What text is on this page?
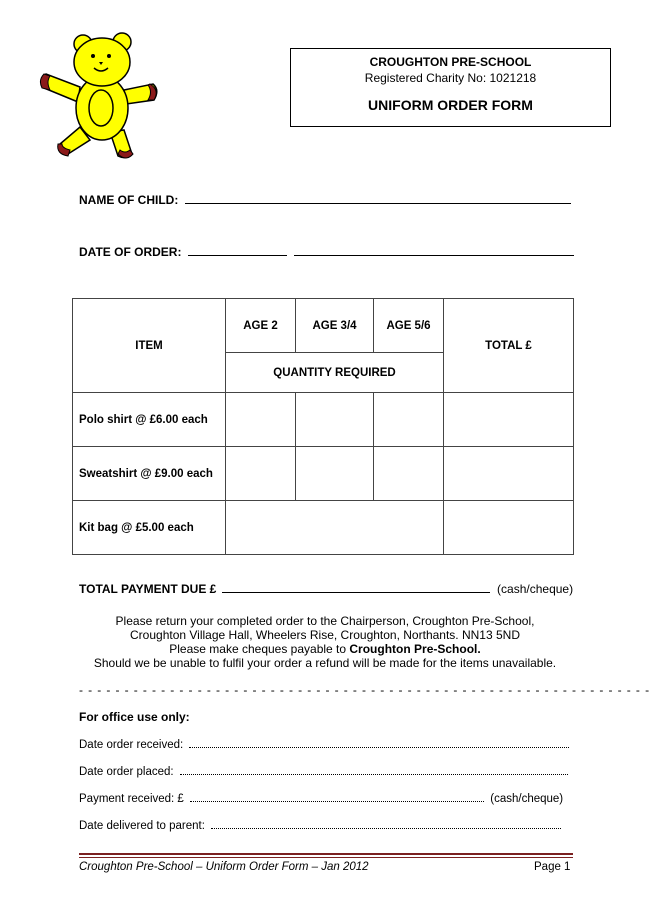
CROUGHTON PRE-SCHOOL
Registered Charity No: 1021218
UNIFORM ORDER FORM
NAME OF CHILD:
DATE OF ORDER:
ITEM	AGE 2	AGE 3/4	AGE 5/6	TOTAL £
	QUANTITY REQUIRED			
Polo shirt @ £6.00 each				
Sweatshirt @ £9.00 each				
Kit bag @ £5.00 each				
TOTAL PAYMENT DUE £	(cash/cheque)
Please return your completed order to the Chairperson, Croughton Pre-School,
Croughton Village Hall, Wheelers Rise, Croughton, Northants. NN13 5ND
Please make cheques payable to Croughton Pre-School.
Should we be unable to fulfil your order a refund will be made for the items unavailable.
- - - - - - - - - - - - - - - - - - - - - - - - - - - - - - - - - - - - - - - - - - - - - - - - - - - - - - - - - - - - - - -
For office use only:
Date order received:
Date order placed:
Payment received: £	(cash/cheque)
Date delivered to parent:
Croughton Pre-School – Uniform Order Form – Jan 2012	Page 1
